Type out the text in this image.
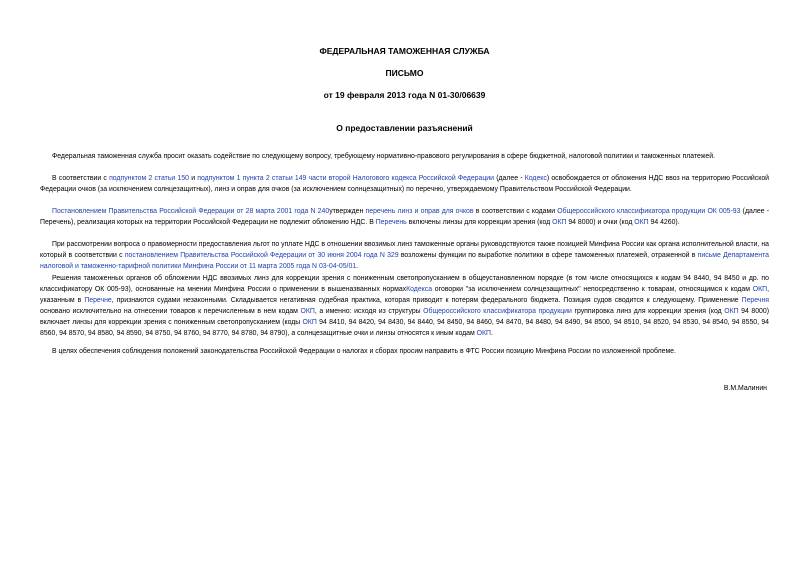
ФЕДЕРАЛЬНАЯ ТАМОЖЕННАЯ СЛУЖБА
ПИСЬМО
от 19 февраля 2013 года N 01-30/06639
О предоставлении разъяснений

Федеральная таможенная служба просит оказать содействие по следующему вопросу, требующему нормативно-правового регулирования в сфере бюджетной, налоговой политики и таможенных платежей.

В соответствии с подпунктом 2 статьи 150 и подпунктом 1 пункта 2 статьи 149 части второй Налогового кодекса Российской Федерации (далее - Кодекс) освобождается от обложения НДС ввоз на территорию Российской Федерации очков (за исключением солнцезащитных), линз и оправ для очков (за исключением солнцезащитных) по перечню, утверждаемому Правительством Российской Федерации.

Постановлением Правительства Российской Федерации от 28 марта 2001 года N 240утвержден перечень линз и оправ для очков в соответствии с кодами Общероссийского классификатора продукции ОК 005-93 (далее - Перечень), реализация которых на территории Российской Федерации не подлежит обложению НДС. В Перечень включены линзы для коррекции зрения (код ОКП 94 8000) и очки (код ОКП 94 4260).

При рассмотрении вопроса о правомерности предоставления льгот по уплате НДС в отношении ввозимых линз таможенные органы руководствуются также позицией Минфина России как органа исполнительной власти, на который в соответствии с постановлением Правительства Российской Федерации от 30 июня 2004 года N 329 возложены функции по выработке политики в сфере таможенных платежей, отраженной в письме Департамента налоговой и таможенно-тарифной политики Минфина России от 11 марта 2005 года N 03-04-05/01.

Решения таможенных органов об обложении НДС ввозимых линз для коррекции зрения с пониженным светопропусканием в общеустановленном порядке (в том числе относящихся к кодам 94 8440, 94 8450 и др. по классификатору ОК 005-93), основанные на мнении Минфина России о применении в вышеназванных нормахКодекса оговорки "за исключением солнцезащитных" непосредственно к товарам, относящимся к кодам ОКП, указанным в Перечне, признаются судами незаконными. Складывается негативная судебная практика, которая приводит к потерям федерального бюджета. Позиция судов сводится к следующему. Применение Перечня основано исключительно на отнесении товаров к перечисленным в нем кодам ОКП, а именно: исходя из структуры Общероссийского классификатора продукции группировка линз для коррекции зрения (код ОКП 94 8000) включает линзы для коррекции зрения с пониженным светопропусканием (коды ОКП 94 8410, 94 8420, 94 8430, 94 8440, 94 8450, 94 8460, 94 8470, 94 8480, 94 8490, 94 8500, 94 8510, 94 8520, 94 8530, 94 8540, 94 8550, 94 8560, 94 8570, 94 8580, 94 8590, 94 8750, 94 8760, 94 8770, 94 8780, 94 8790), а солнцезащитные очки и линзы относятся к иным кодам ОКП.

В целях обеспечения соблюдения положений законодательства Российской Федерации о налогах и сборах просим направить в ФТС России позицию Минфина России по изложенной проблеме.

В.М.Малинин
